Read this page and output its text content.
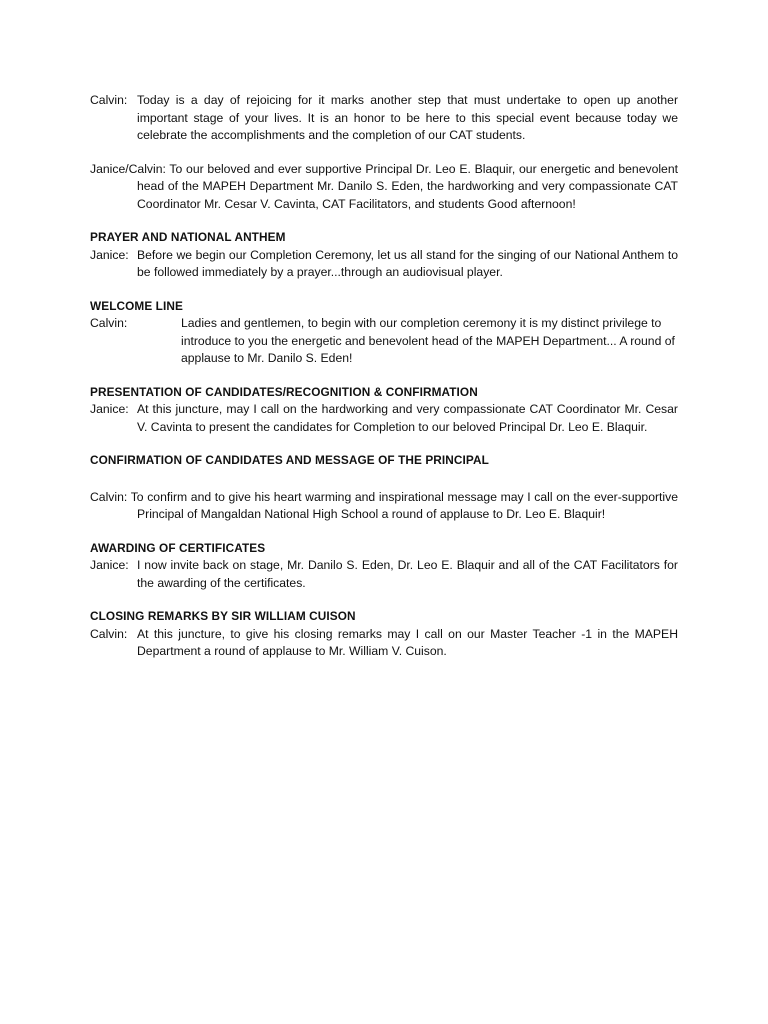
Calvin: Today is a day of rejoicing for it marks another step that must undertake to open up another important stage of your lives. It is an honor to be here to this special event because today we celebrate the accomplishments and the completion of our CAT students.
Janice/Calvin: To our beloved and ever supportive Principal Dr. Leo E. Blaquir, our energetic and benevolent head of the MAPEH Department Mr. Danilo S. Eden, the hardworking and very compassionate CAT Coordinator Mr. Cesar V. Cavinta, CAT Facilitators, and students Good afternoon!
PRAYER AND NATIONAL ANTHEM
Janice: Before we begin our Completion Ceremony, let us all stand for the singing of our National Anthem to be followed immediately by a prayer...through an audiovisual player.
WELCOME LINE
Calvin:	Ladies and gentlemen, to begin with our completion ceremony it is my distinct privilege to introduce to you the energetic and benevolent head of the MAPEH Department... A round of applause to Mr. Danilo S. Eden!
PRESENTATION OF CANDIDATES/RECOGNITION & CONFIRMATION
Janice: At this juncture, may I call on the hardworking and very compassionate CAT Coordinator Mr. Cesar V. Cavinta to present the candidates for Completion to our beloved Principal Dr. Leo E. Blaquir.
CONFIRMATION OF CANDIDATES AND MESSAGE OF THE PRINCIPAL
Calvin: To confirm and to give his heart warming and inspirational message may I call on the ever-supportive Principal of Mangaldan National High School a round of applause to Dr. Leo E. Blaquir!
AWARDING OF CERTIFICATES
Janice: I now invite back on stage, Mr. Danilo S. Eden, Dr. Leo E. Blaquir and all of the CAT Facilitators for the awarding of the certificates.
CLOSING REMARKS BY SIR WILLIAM CUISON
Calvin: At this juncture, to give his closing remarks may I call on our Master Teacher -1 in the MAPEH Department a round of applause to Mr. William V. Cuison.
